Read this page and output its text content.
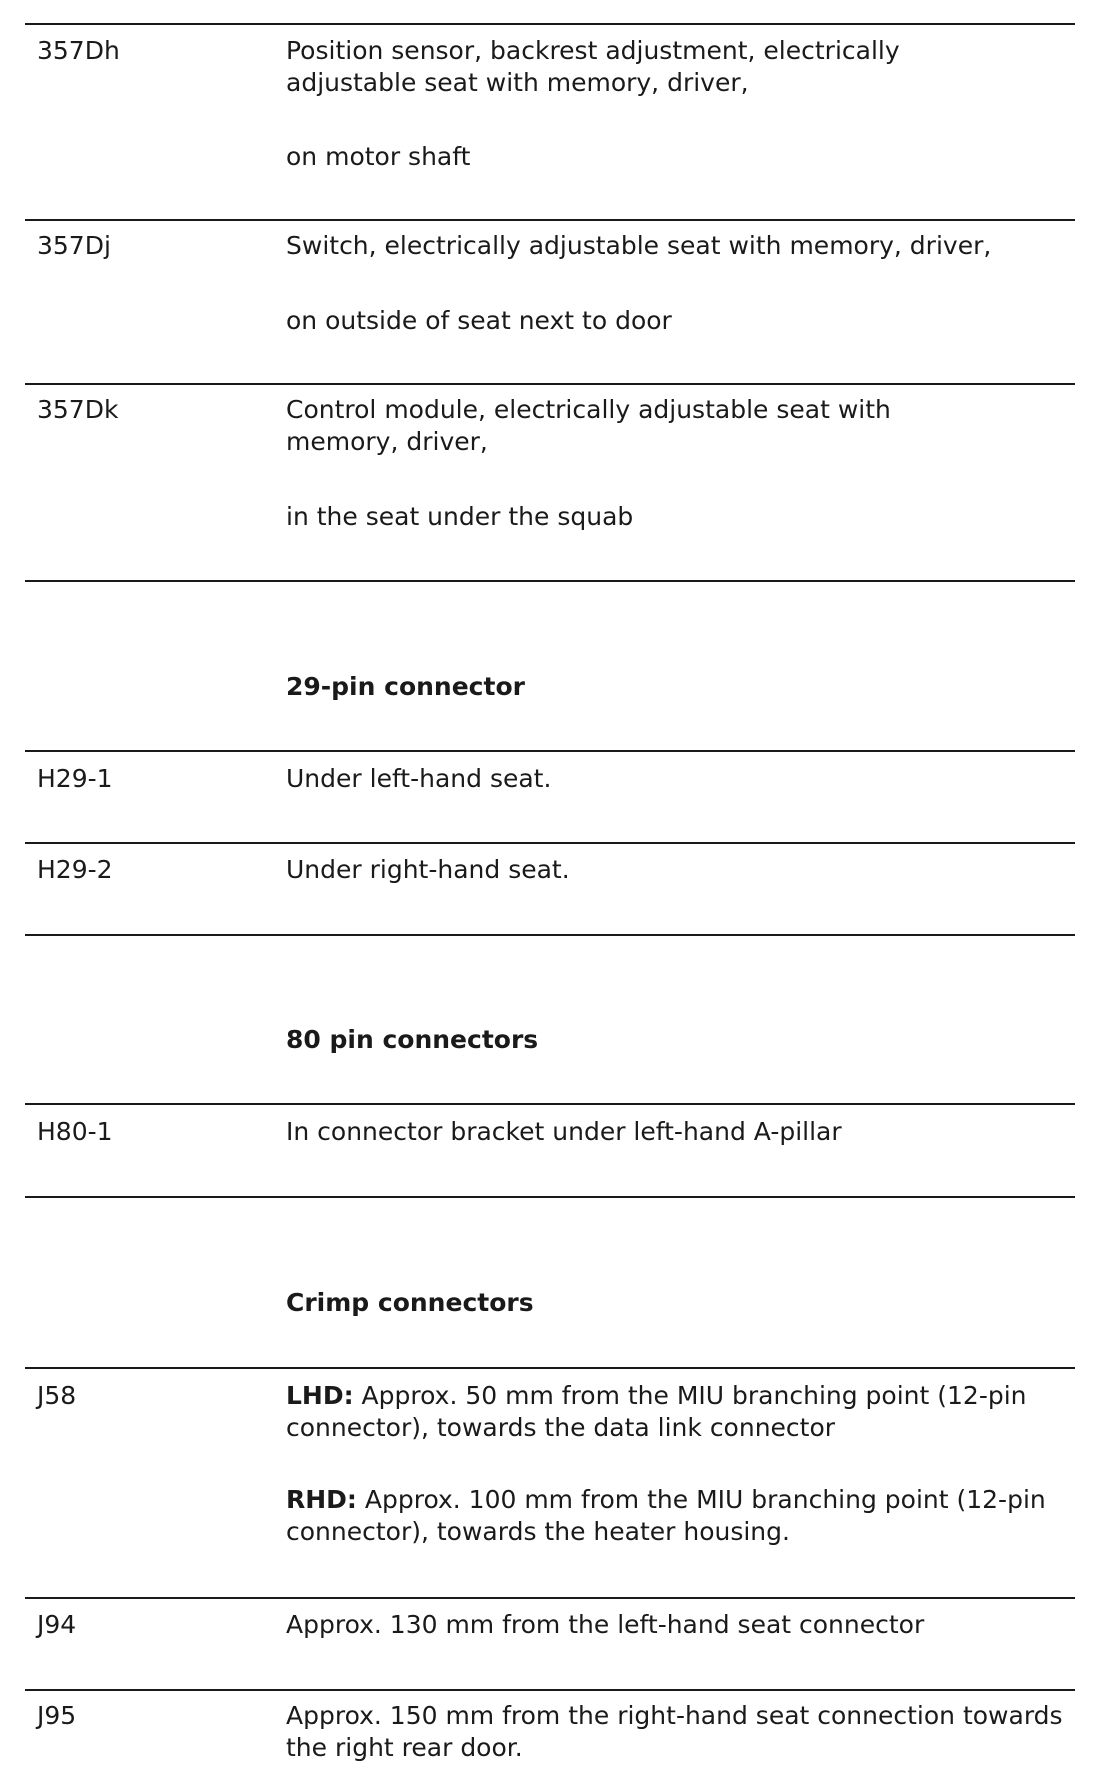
357Dh	Position sensor, backrest adjustment, electrically adjustable seat with memory, driver,
on motor shaft
357Dj	Switch, electrically adjustable seat with memory, driver,
on outside of seat next to door
357Dk	Control module, electrically adjustable seat with memory, driver,
in the seat under the squab
29-pin connector
H29-1	Under left-hand seat.
H29-2	Under right-hand seat.
80 pin connectors
H80-1	In connector bracket under left-hand A-pillar
Crimp connectors
J58	LHD: Approx. 50 mm from the MIU branching point (12-pin connector), towards the data link connector
RHD: Approx. 100 mm from the MIU branching point (12-pin connector), towards the heater housing.
J94	Approx. 130 mm from the left-hand seat connector
J95	Approx. 150 mm from the right-hand seat connection towards the right rear door.
